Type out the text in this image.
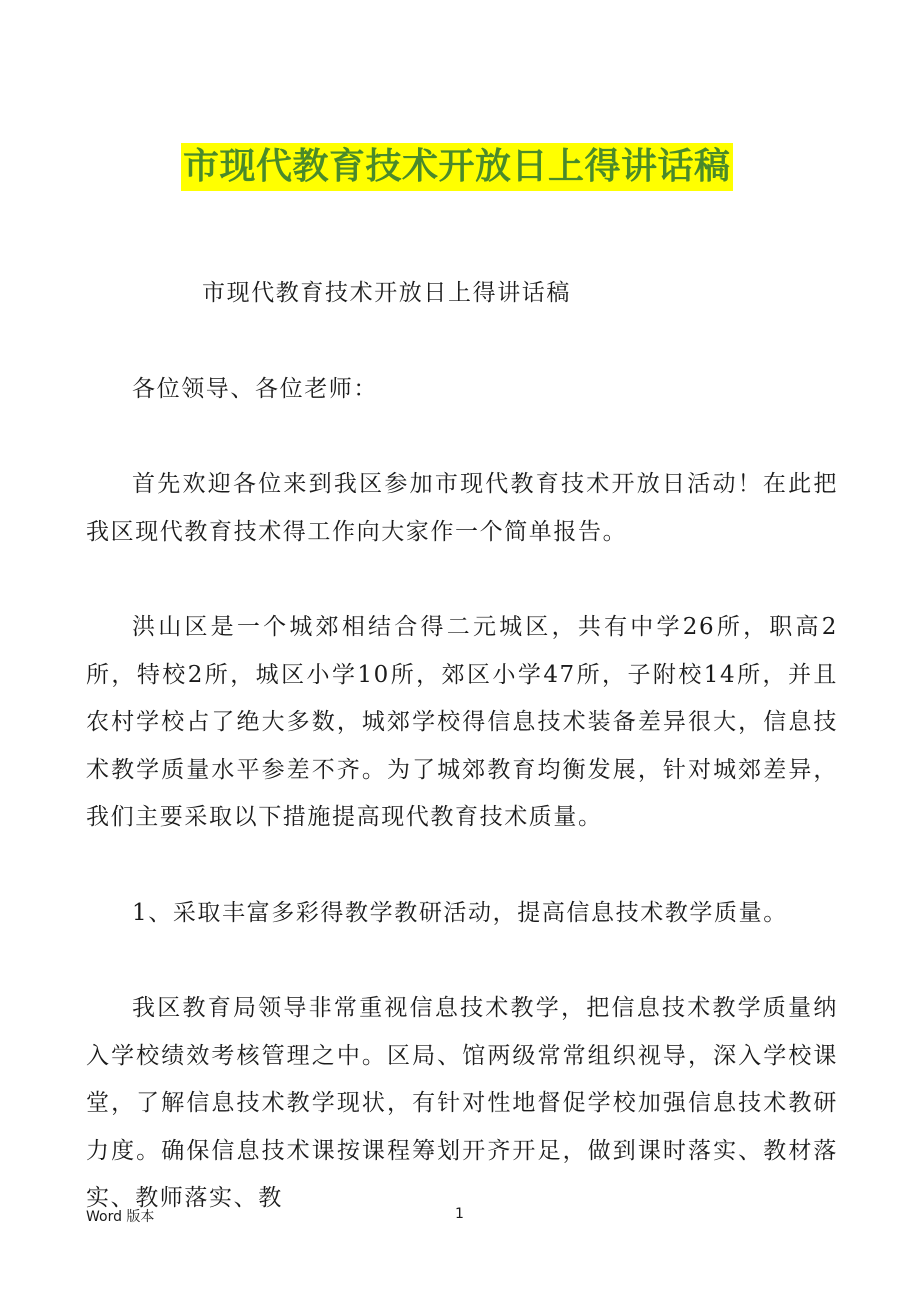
市现代教育技术开放日上得讲话稿

市现代教育技术开放日上得讲话稿

各位领导、各位老师：

首先欢迎各位来到我区参加市现代教育技术开放日活动！在此把我区现代教育技术得工作向大家作一个简单报告。

洪山区是一个城郊相结合得二元城区，共有中学26所，职高2所，特校2所，城区小学10所，郊区小学47所，子附校14所，并且农村学校占了绝大多数，城郊学校得信息技术装备差异很大，信息技术教学质量水平参差不齐。为了城郊教育均衡发展，针对城郊差异，我们主要采取以下措施提高现代教育技术质量。

1、采取丰富多彩得教学教研活动，提高信息技术教学质量。

我区教育局领导非常重视信息技术教学，把信息技术教学质量纳入学校绩效考核管理之中。区局、馆两级常常组织视导，深入学校课堂，了解信息技术教学现状，有针对性地督促学校加强信息技术教研力度。确保信息技术课按课程筹划开齐开足，做到课时落实、教材落实、教师落实、教

Word 版本	1
